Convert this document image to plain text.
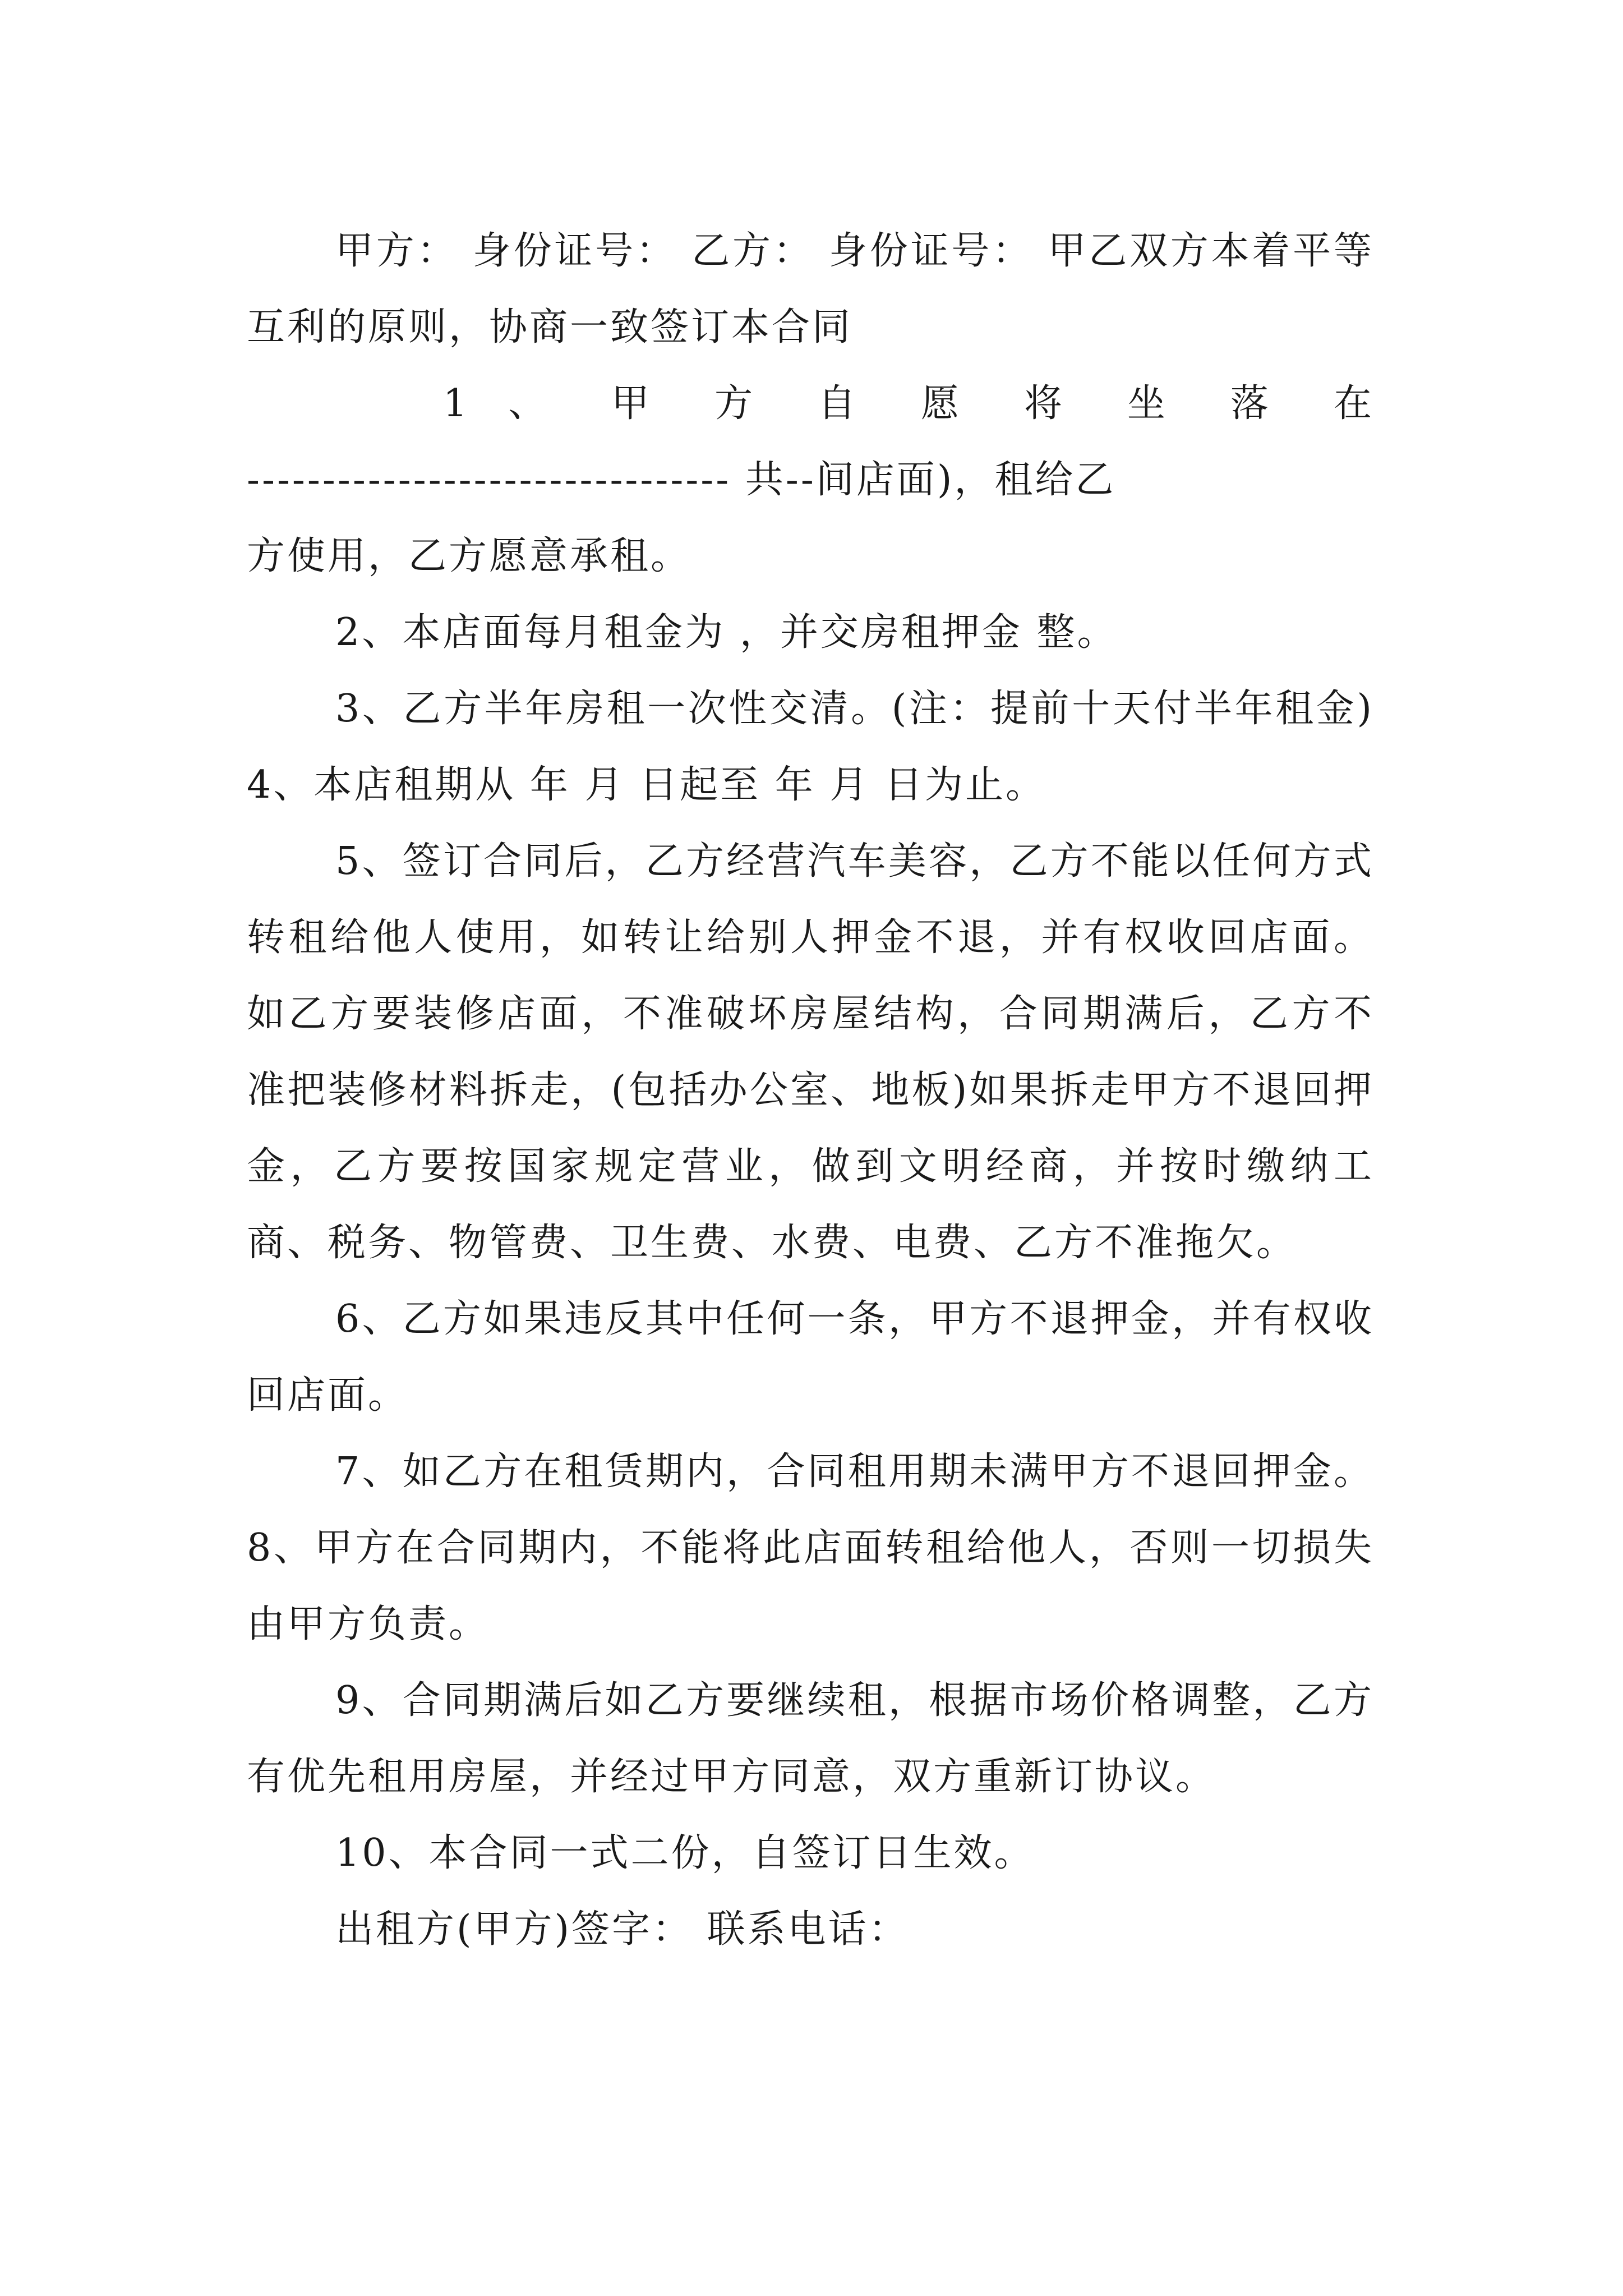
甲方： 身份证号： 乙方： 身份证号： 甲乙双方本着平等互利的原则，协商一致签订本合同

1 、 甲 方 自 愿 将 坐 落 在
-------------------------------- 共--间店面)，租给乙
方使用，乙方愿意承租。

2、本店面每月租金为 ，并交房租押金 整。

3、乙方半年房租一次性交清。(注：提前十天付半年租金) 4、本店租期从 年 月 日起至 年 月 日为止。

5、签订合同后，乙方经营汽车美容，乙方不能以任何方式转租给他人使用，如转让给别人押金不退，并有权收回店面。如乙方要装修店面，不准破坏房屋结构，合同期满后，乙方不准把装修材料拆走，(包括办公室、地板)如果拆走甲方不退回押金，乙方要按国家规定营业，做到文明经商，并按时缴纳工商、税务、物管费、卫生费、水费、电费、乙方不准拖欠。

6、乙方如果违反其中任何一条，甲方不退押金，并有权收回店面。

7、如乙方在租赁期内，合同租用期未满甲方不退回押金。 8、甲方在合同期内，不能将此店面转租给他人，否则一切损失由甲方负责。

9、合同期满后如乙方要继续租，根据市场价格调整，乙方有优先租用房屋，并经过甲方同意，双方重新订协议。

10、本合同一式二份，自签订日生效。

出租方(甲方)签字： 联系电话：
